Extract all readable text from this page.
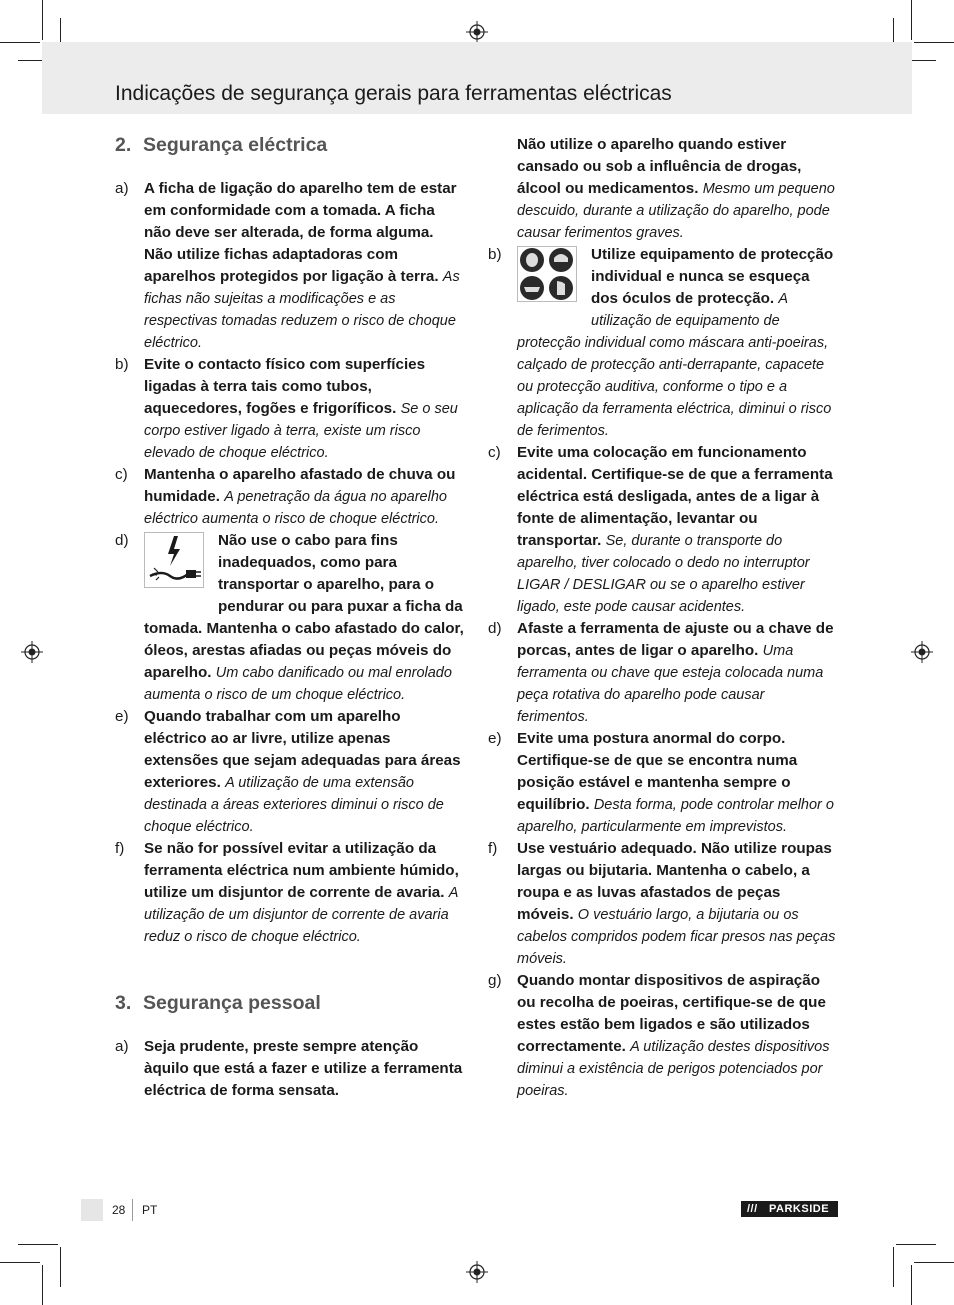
Indicações de segurança gerais para ferramentas eléctricas
2. Segurança eléctrica
a) A ficha de ligação do aparelho tem de estar em conformidade com a tomada. A ficha não deve ser alterada, de forma alguma. Não utilize fichas adaptadoras com aparelhos protegidos por ligação à terra. As fichas não sujeitas a modificações e as respectivas tomadas reduzem o risco de choque eléctrico.
b) Evite o contacto físico com superfícies ligadas à terra tais como tubos, aquecedores, fogões e frigoríficos. Se o seu corpo estiver ligado à terra, existe um risco elevado de choque eléctrico.
c) Mantenha o aparelho afastado de chuva ou humidade. A penetração da água no aparelho eléctrico aumenta o risco de choque eléctrico.
d)	Não use o cabo para fins inadequados, como para transportar o aparelho, para o pendurar ou para puxar a ficha da tomada. Mantenha o cabo afastado do calor, óleos, arestas afiadas ou peças móveis do aparelho. Um cabo danificado ou mal enrolado aumenta o risco de um choque eléctrico.
e) Quando trabalhar com um aparelho eléctrico ao ar livre, utilize apenas extensões que sejam adequadas para áreas exteriores. A utilização de uma extensão destinada a áreas exteriores diminui o risco de choque eléctrico.
f) Se não for possível evitar a utilização da ferramenta eléctrica num ambiente húmido, utilize um disjuntor de corrente de avaria. A utilização de um disjuntor de corrente de avaria reduz o risco de choque eléctrico.
3. Segurança pessoal
a) Seja prudente, preste sempre atenção àquilo que está a fazer e utilize a ferramenta eléctrica de forma sensata.
Não utilize o aparelho quando estiver cansado ou sob a influência de drogas, álcool ou medicamentos. Mesmo um pequeno descuido, durante a utilização do aparelho, pode causar ferimentos graves.
b)	Utilize equipamento de protecção individual e nunca se esqueça dos óculos de protecção. A utilização de equipamento de protecção individual como máscara anti-poeiras, calçado de protecção anti-derrapante, capacete ou protecção auditiva, conforme o tipo e a aplicação da ferramenta eléctrica, diminui o risco de ferimentos.
c) Evite uma colocação em funcionamento acidental. Certifique-se de que a ferramenta eléctrica está desligada, antes de a ligar à fonte de alimentação, levantar ou transportar. Se, durante o transporte do aparelho, tiver colocado o dedo no interruptor LIGAR / DESLIGAR ou se o aparelho estiver ligado, este pode causar acidentes.
d) Afaste a ferramenta de ajuste ou a chave de porcas, antes de ligar o aparelho. Uma ferramenta ou chave que esteja colocada numa peça rotativa do aparelho pode causar ferimentos.
e) Evite uma postura anormal do corpo. Certifique-se de que se encontra numa posição estável e mantenha sempre o equilíbrio. Desta forma, pode controlar melhor o aparelho, particularmente em imprevistos.
f) Use vestuário adequado. Não utilize roupas largas ou bijutaria. Mantenha o cabelo, a roupa e as luvas afastados de peças móveis. O vestuário largo, a bijutaria ou os cabelos compridos podem ficar presos nas peças móveis.
g) Quando montar dispositivos de aspiração ou recolha de poeiras, certifique-se de que estes estão bem ligados e são utilizados correctamente. A utilização destes dispositivos diminui a existência de perigos potenciados por poeiras.
28 PT	/// PARKSIDE
